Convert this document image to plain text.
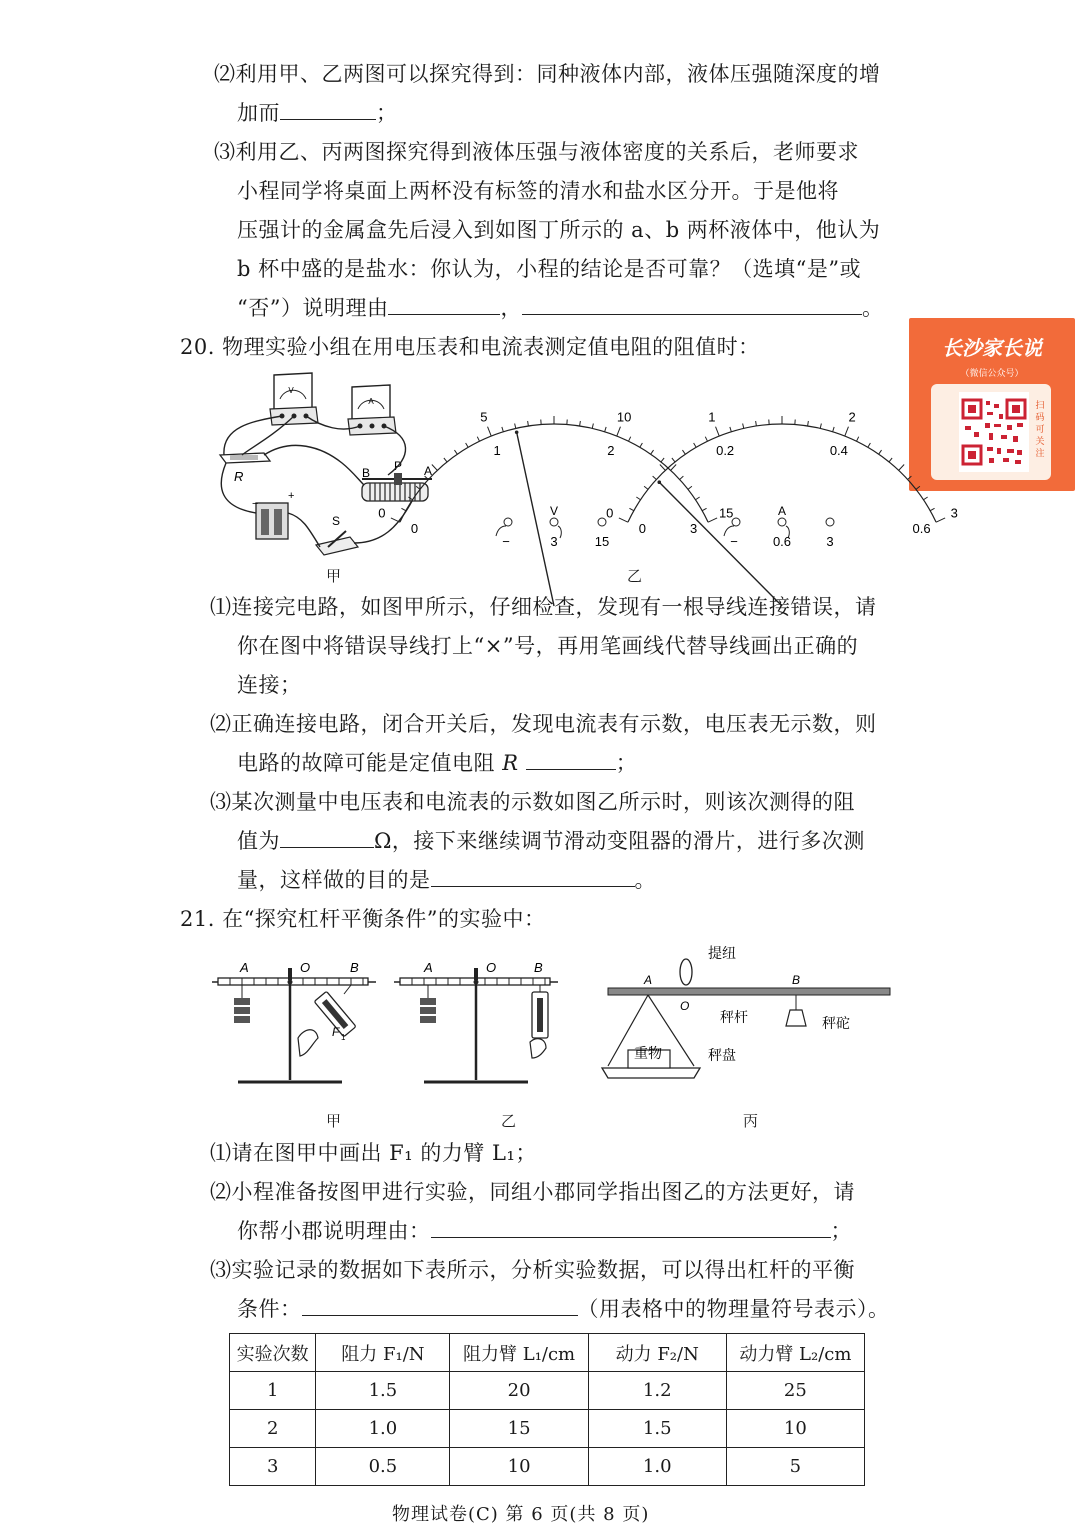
⑵利用甲、乙两图可以探究得到：同种液体内部，液体压强随深度的增
加而	；
⑶利用乙、丙两图探究得到液体压强与液体密度的关系后，老师要求
小程同学将桌面上两杯没有标签的清水和盐水区分开。于是他将
压强计的金属盒先后浸入到如图丁所示的 a、b 两杯液体中，他认为
b 杯中盛的是盐水：你认为，小程的结论是否可靠？（选填“是”或
“否”）说明理由	，	。
长沙家长说
（微信公众号）
扫码可关注
20. 物理实验小组在用电压表和电流表测定值电阻的阻值时：
V
A
R
−
+
S
B P A
甲
V
−	3	15
0
5	10
15
0
1	2
3
A
−	0.6	3
0
1	2
3
0
0.2	0.4
0.6
乙
⑴连接完电路，如图甲所示，仔细检查，发现有一根导线连接错误，请
你在图中将错误导线打上“×”号，再用笔画线代替导线画出正确的
连接；
⑵正确连接电路，闭合开关后，发现电流表有示数，电压表无示数，则
电路的故障可能是定值电阻 R	；
⑶某次测量中电压表和电流表的示数如图乙所示时，则该次测得的阻
值为	Ω，接下来继续调节滑动变阻器的滑片，进行多次测
量，这样做的目的是	。
21. 在“探究杠杆平衡条件”的实验中：
A	O	B
F 1
甲
A	O	B
乙
提纽
A
O
B
秤杆	秤砣
重物	秤盘
丙
⑴请在图甲中画出 F₁ 的力臂 L₁；
⑵小程准备按图甲进行实验，同组小郡同学指出图乙的方法更好，请
你帮小郡说明理由：	；
⑶实验记录的数据如下表所示，分析实验数据，可以得出杠杆的平衡
条件：	（用表格中的物理量符号表示）。
实验次数	阻力 F₁/N	阻力臂 L₁/cm	动力 F₂/N	动力臂 L₂/cm
1	1.5	20	1.2	25
2	1.0	15	1.5	10
3	0.5	10	1.0	5
物理试卷(C) 第 6 页(共 8 页)
